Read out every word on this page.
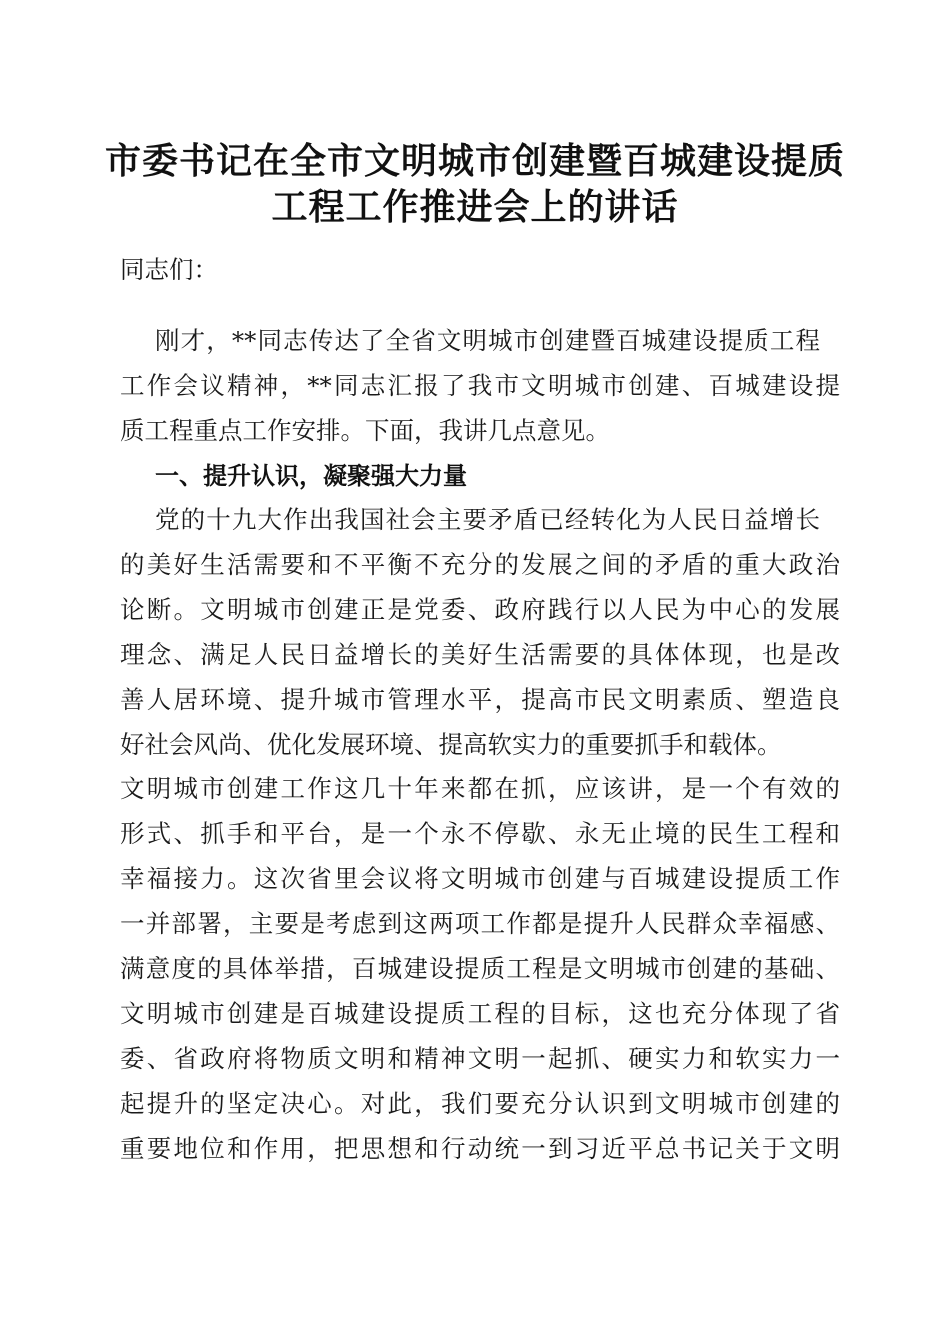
市委书记在全市文明城市创建暨百城建设提质
工程工作推进会上的讲话
同志们：
刚才，**同志传达了全省文明城市创建暨百城建设提质工程
工作会议精神，**同志汇报了我市文明城市创建、百城建设提
质工程重点工作安排。下面，我讲几点意见。
一、提升认识，凝聚强大力量
党的十九大作出我国社会主要矛盾已经转化为人民日益增长
的美好生活需要和不平衡不充分的发展之间的矛盾的重大政治
论断。文明城市创建正是党委、政府践行以人民为中心的发展
理念、满足人民日益增长的美好生活需要的具体体现，也是改
善人居环境、提升城市管理水平，提高市民文明素质、塑造良
好社会风尚、优化发展环境、提高软实力的重要抓手和载体。
文明城市创建工作这几十年来都在抓，应该讲，是一个有效的
形式、抓手和平台，是一个永不停歇、永无止境的民生工程和
幸福接力。这次省里会议将文明城市创建与百城建设提质工作
一并部署，主要是考虑到这两项工作都是提升人民群众幸福感、
满意度的具体举措，百城建设提质工程是文明城市创建的基础、
文明城市创建是百城建设提质工程的目标，这也充分体现了省
委、省政府将物质文明和精神文明一起抓、硬实力和软实力一
起提升的坚定决心。对此，我们要充分认识到文明城市创建的
重要地位和作用，把思想和行动统一到习近平总书记关于文明
